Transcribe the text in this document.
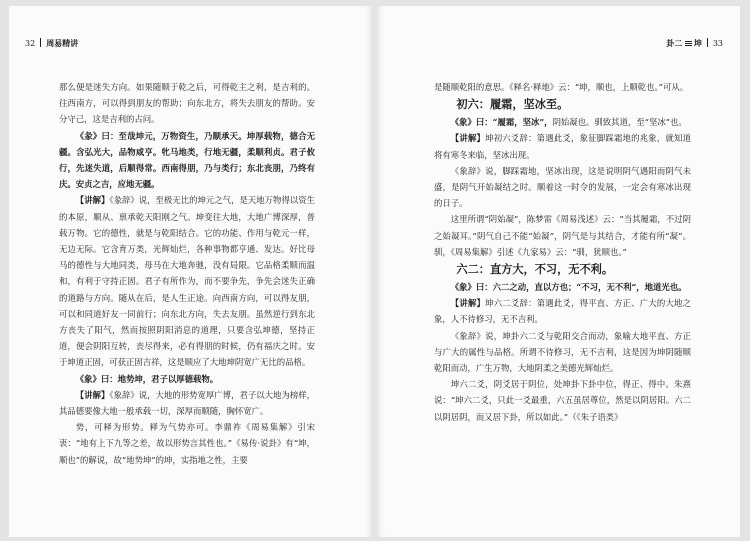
32 周易精讲

那么便是迷失方向。如果随顺于乾之后，可得乾主之利，是吉利的。往西南方，可以得到朋友的帮助；向东北方，将失去朋友的帮助。安分守己，这是吉利的占问。

《彖》曰：至哉坤元，万物资生，乃顺承天。坤厚载物，德合无疆。含弘光大，品物咸亨。牝马地类，行地无疆，柔顺利贞。君子攸行，先迷失道，后顺得常。西南得朋，乃与类行；东北丧朋，乃终有庆。安贞之吉，应地无疆。

【讲解】《彖辞》说，至极无比的坤元之气，是天地万物得以资生的本原，顺从、禀承乾天阳刚之气。坤变往大地，大地广博深厚，普载万物。它的德性，就是与乾阳结合。它的功能、作用与乾元一样，无边无际。它含育万类，光辉灿烂，各种事物都亨通、发达。好比母马的德性与大地同类，母马在大地奔驰，没有局限。它品格柔顺而温和，有利于守持正固。君子有所作为，而不要争先，争先会迷失正确的道路与方向。随从在后，是人生正途。向西南方向，可以得友朋，可以和同道好友一同前行；向东北方向，失去友朋。虽然逆行到东北方丧失了阳气，然而按照阴阳消息的道理，只要含弘坤德，坚持正道，便会阴阳互转，丧尽得来，必有得朋的时候，仍有福庆之时。安于坤道正固，可获正固吉祥，这是顺应了大地坤阴宽广无比的品格。

《象》曰：地势坤，君子以厚德载物。

【讲解】《象辞》说，大地的形势宽厚广博，君子以大地为榜样，其品德要像大地一般承载一切，深厚而顺随，胸怀宽广。

势，可释为形势。释为气势亦可。李鼎祚《周易集解》引宋衷：“地有上下九等之差，故以形势言其性也。”《易传·说卦》有“坤，顺也”的解说，故“地势坤”的坤，实指地之性，主要

卦二 坤 33

是随顺乾阳的意思。《释名·释地》云：“坤，顺也，上顺乾也。”可从。

初六：履霜，坚冰至。

《象》曰：“履霜，坚冰”，阴始凝也。驯致其道，至“坚冰”也。

【讲解】坤初六爻辞：第遇此爻，象征脚踩霜地的兆象，就知道将有寒冬来临，坚冰出现。

《象辞》说，脚踩霜地，坚冰出现，这是说明阴气遇阳而阴气未盛，是阴气开始凝结之时。顺着这一时令的发展，一定会有寒冰出现的日子。

这里所谓“阴始凝”，陈梦雷《周易浅述》云：“当其履霜，不过阴之始凝耳。”阴气自己不能“始凝”，阴气是与其结合，才能有所“凝”。驯，《周易集解》引述《九家易》云：“驯，犹顺也。”

六二：直方大，不习，无不利。

《象》曰：六二之动，直以方也；“不习，无不利”，地道光也。

【讲解】坤六二爻辞：第遇此爻，得平直、方正、广大的大地之象，人不待修习，无不吉利。

《象辞》说，坤卦六二爻与乾阳交合而动，象喻大地平直、方正与广大的属性与品格。所谓不待修习，无不吉利，这是因为坤阴随顺乾阳而动，广生万物，大地阴柔之美德光辉灿烂。

坤六二爻，阴爻居于阴位，处坤卦下卦中位，得正、得中。朱熹说：“坤六二爻，只此一爻最重，六五虽居尊位，然是以阴居阳。六二以阴居阴，而又居下卦，所以如此。”（《朱子语类》
